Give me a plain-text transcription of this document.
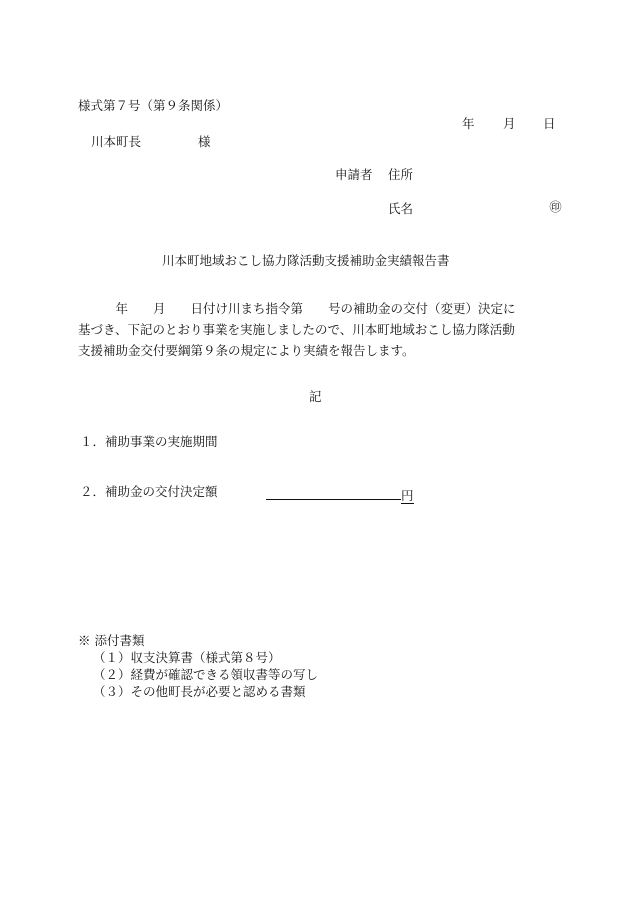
様式第７号（第９条関係）
年 月 日
川本町長	様
申請者 住所
氏名	㊞
川本町地域おこし協力隊活動支援補助金実績報告書
　　　年　　月　　日付け川まち指令第　　号の補助金の交付（変更）決定に
基づき、下記のとおり事業を実施しましたので、川本町地域おこし協力隊活動
支援補助金交付要綱第９条の規定により実績を報告します。
記
１．補助事業の実施期間
２．補助金の交付決定額	円
※ 添付書類
（１）収支決算書（様式第８号）
（２）経費が確認できる領収書等の写し
（３）その他町長が必要と認める書類
